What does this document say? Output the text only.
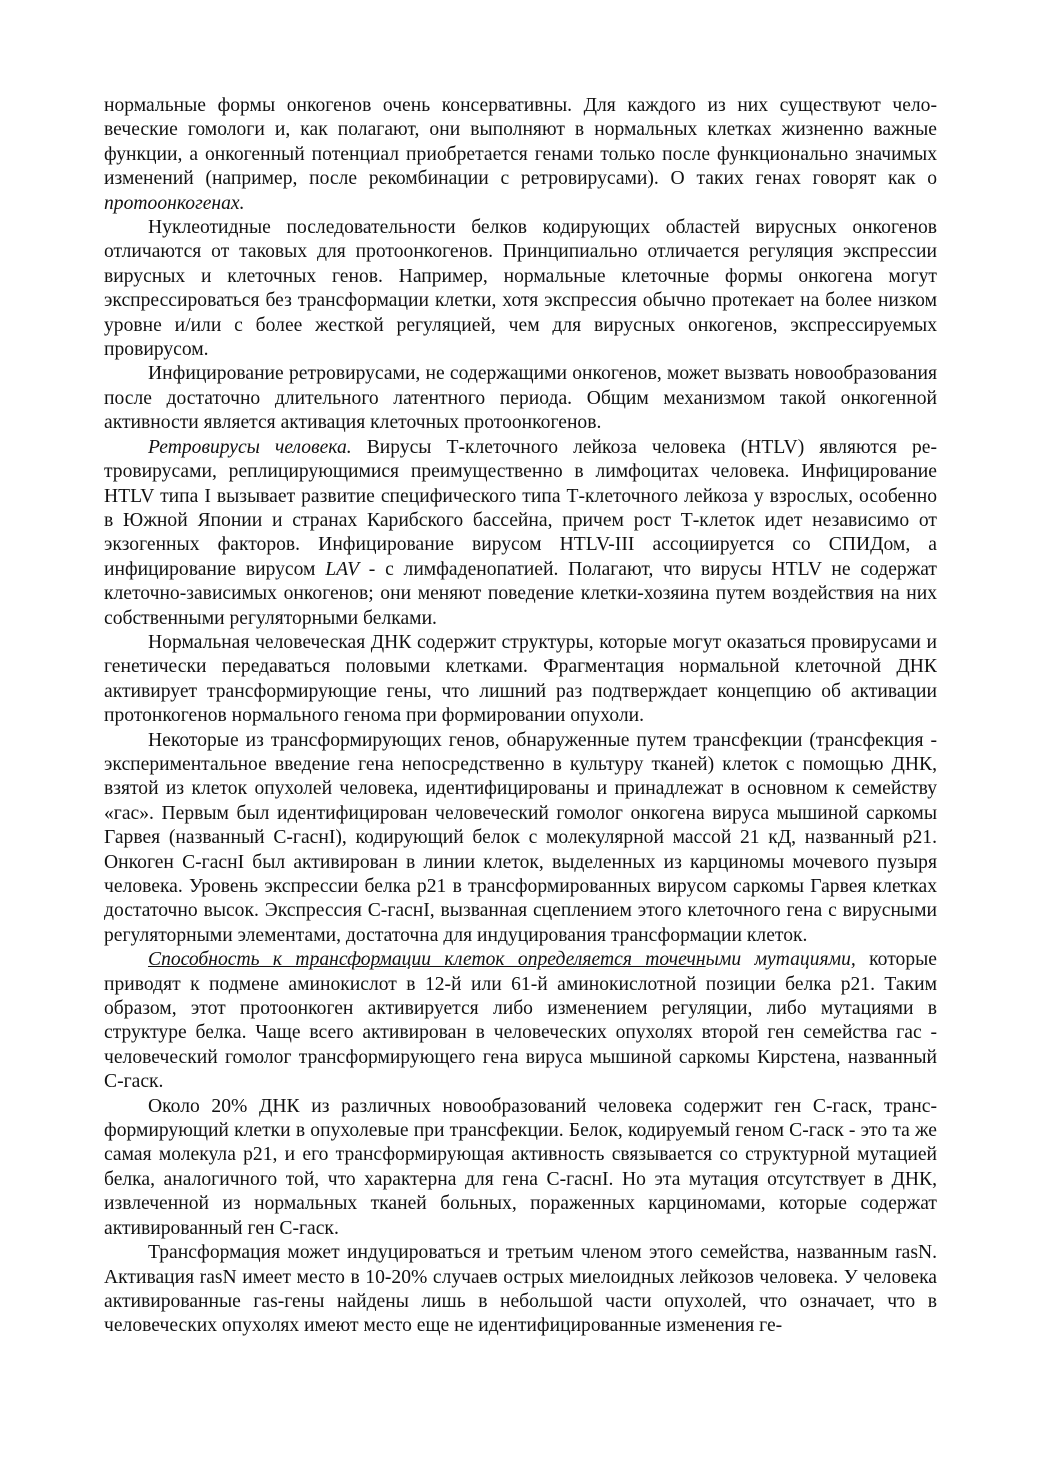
нормальные формы онкогенов очень консервативны. Для каждого из них существуют человеческие гомологи и, как полагают, они выполняют в нормальных клетках жизненно важные функции, а онкогенный потенциал приобретается генами только после функционально значимых изменений (например, после рекомбинации с ретровирусами). О таких генах говорят как о протоонкогенах.

Нуклеотидные последовательности белков кодирующих областей вирусных онкогенов отличаются от таковых для протоонкогенов. Принципиально отличается регуляция экспрессии вирусных и клеточных генов. Например, нормальные клеточные формы онкогена могут экспрессироваться без трансформации клетки, хотя экспрессия обычно протекает на более низком уровне и/или с более жесткой регуляцией, чем для вирусных онкогенов, экспрессируемых провирусом.

Инфицирование ретровирусами, не содержащими онкогенов, может вызвать новообразования после достаточно длительного латентного периода. Общим механизмом такой онкогенной активности является активация клеточных протоонкогенов.

Ретровирусы человека. Вирусы Т-клеточного лейкоза человека (HTLV) являются ретровирусами, реплицирующимися преимущественно в лимфоцитах человека. Инфицирование HTLV типа I вызывает развитие специфического типа Т-клеточного лейкоза у взрослых, особенно в Южной Японии и странах Карибского бассейна, причем рост Т-клеток идет независимо от экзогенных факторов. Инфицирование вирусом HTLV-III ассоциируется со СПИДом, а инфицирование вирусом LAV - с лимфаденопатией. Полагают, что вирусы HTLV не содержат клеточно-зависимых онкогенов; они меняют поведение клетки-хозяина путем воздействия на них собственными регуляторными белками.

Нормальная человеческая ДНК содержит структуры, которые могут оказаться провирусами и генетически передаваться половыми клетками. Фрагментация нормальной клеточной ДНК активирует трансформирующие гены, что лишний раз подтверждает концепцию об активации протонкогенов нормального генома при формировании опухоли.

Некоторые из трансформирующих генов, обнаруженные путем трансфекции (трансфекция - экспериментальное введение гена непосредственно в культуру тканей) клеток с помощью ДНК, взятой из клеток опухолей человека, идентифицированы и принадлежат в основном к семейству «гас». Первым был идентифицирован человеческий гомолог онкогена вируса мышиной саркомы Гарвея (названный С-гаснІ), кодирующий белок с молекулярной массой 21 кД, названный р21. Онкоген С-гаснІ был активирован в линии клеток, выделенных из карциномы мочевого пузыря человека. Уровень экспрессии белка р21 в трансформированных вирусом саркомы Гарвея клетках достаточно высок. Экспрессия С-гаснІ, вызванная сцеплением этого клеточного гена с вирусными регуляторными элементами, достаточна для индуцирования трансформации клеток.

Способность к трансформации клеток определяется точечными мутациями, которые приводят к подмене аминокислот в 12-й или 61-й аминокислотной позиции белка р21. Таким образом, этот протоонкоген активируется либо изменением регуляции, либо мутациями в структуре белка. Чаще всего активирован в человеческих опухолях второй ген семейства гас - человеческий гомолог трансформирующего гена вируса мышиной саркомы Кирстена, названный С-гаcк.

Около 20% ДНК из различных новообразований человека содержит ген С-гаск, трансформирующий клетки в опухолевые при трансфекции. Белок, кодируемый геном С-гаск - это та же самая молекула р21, и его трансформирующая активность связывается со структурной мутацией белка, аналогичного той, что характерна для гена С-гаснІ. Но эта мутация отсутствует в ДНК, извлеченной из нормальных тканей больных, пораженных карциномами, которые содержат активированный ген С-гаск.

Трансформация может индуцироваться и третьим членом этого семейства, названным rasN. Активация rasN имеет место в 10-20% случаев острых миелоидных лейкозов человека. У человека активированные гаs-гены найдены лишь в небольшой части опухолей, что означает, что в человеческих опухолях имеют место еще не идентифицированные изменения ге-
